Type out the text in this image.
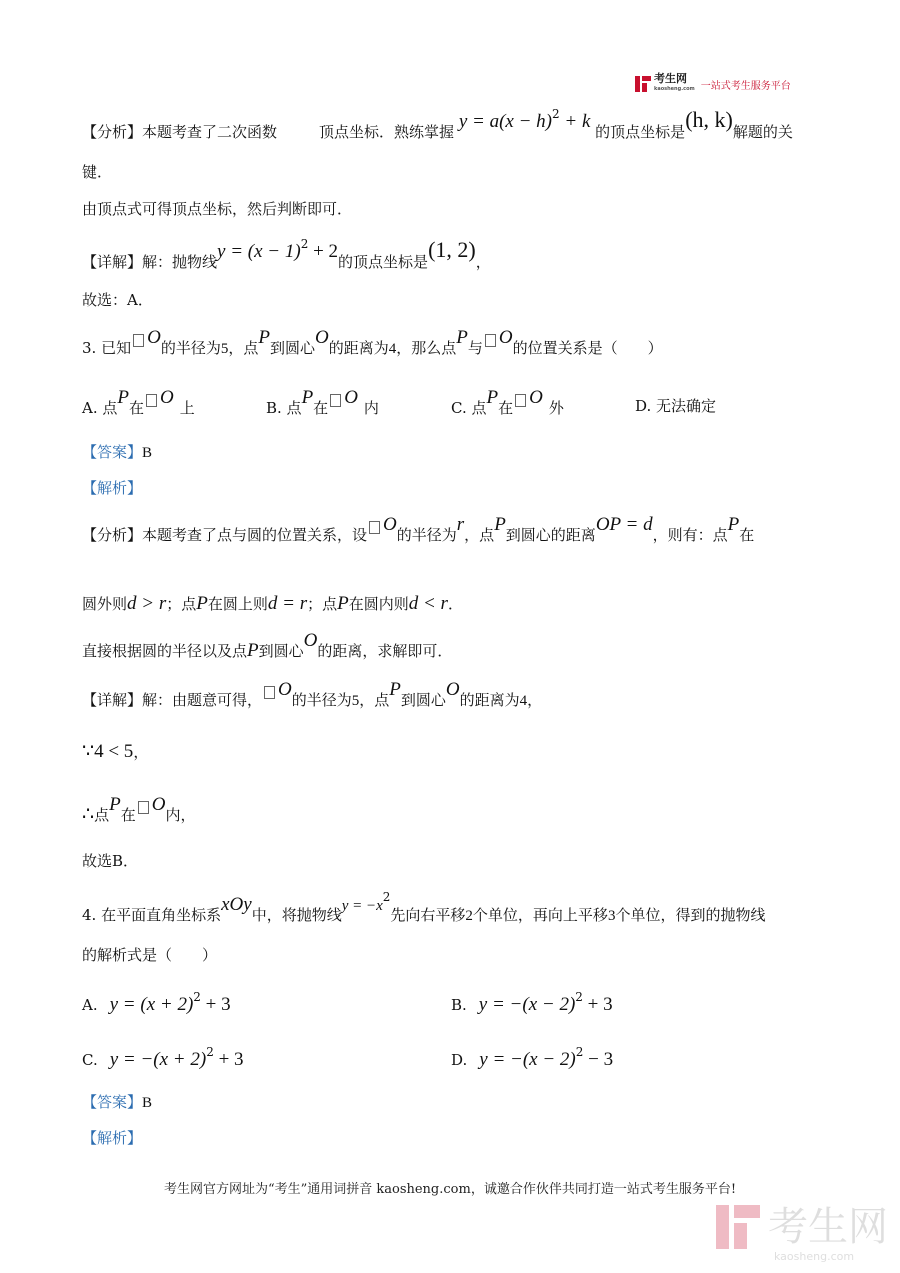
考生网
kaosheng.com 一站式考生服务平台
【分析】本题考查了二次函数	顶点坐标．熟练掌握 $y = a(x - h)^2 + k$ 的顶点坐标是(h, k)解题的关
键．
由顶点式可得顶点坐标，然后判断即可．
【详解】解：抛物线$y = (x - 1)^2 + 2$的顶点坐标是(1, 2)，
故选：A．
3. 已知 O的半径为5，点P到圆心O的距离为4，那么点P与 O的位置关系是（　　）
A. 点P在 O 上	B. 点P在 O 内	C. 点P在 O 外	D. 无法确定
【答案】B
【解析】
【分析】本题考查了点与圆的位置关系，设 O的半径为r，点P到圆心的距离OP = d，则有：点P在
圆外则d > r；点P在圆上则d = r；点P在圆内则d < r．
直接根据圆的半径以及点P到圆心O的距离，求解即可．
【详解】解：由题意可得， O的半径为5，点P到圆心O的距离为4，
∵4 < 5，
∴点P在 O内，
故选B．
4. 在平面直角坐标系xOy中，将抛物线$y = -x^2$先向右平移2个单位，再向上平移3个单位，得到的抛物线
的解析式是（　　）
A. $y = (x + 2)^2 + 3$	B. $y = -(x - 2)^2 + 3$
C. $y = -(x + 2)^2 + 3$	D. $y = -(x - 2)^2 - 3$
【答案】B
【解析】
考生网官方网址为“考生”通用词拼音 kaosheng.com，诚邀合作伙伴共同打造一站式考生服务平台!
考生网
kaosheng.com
